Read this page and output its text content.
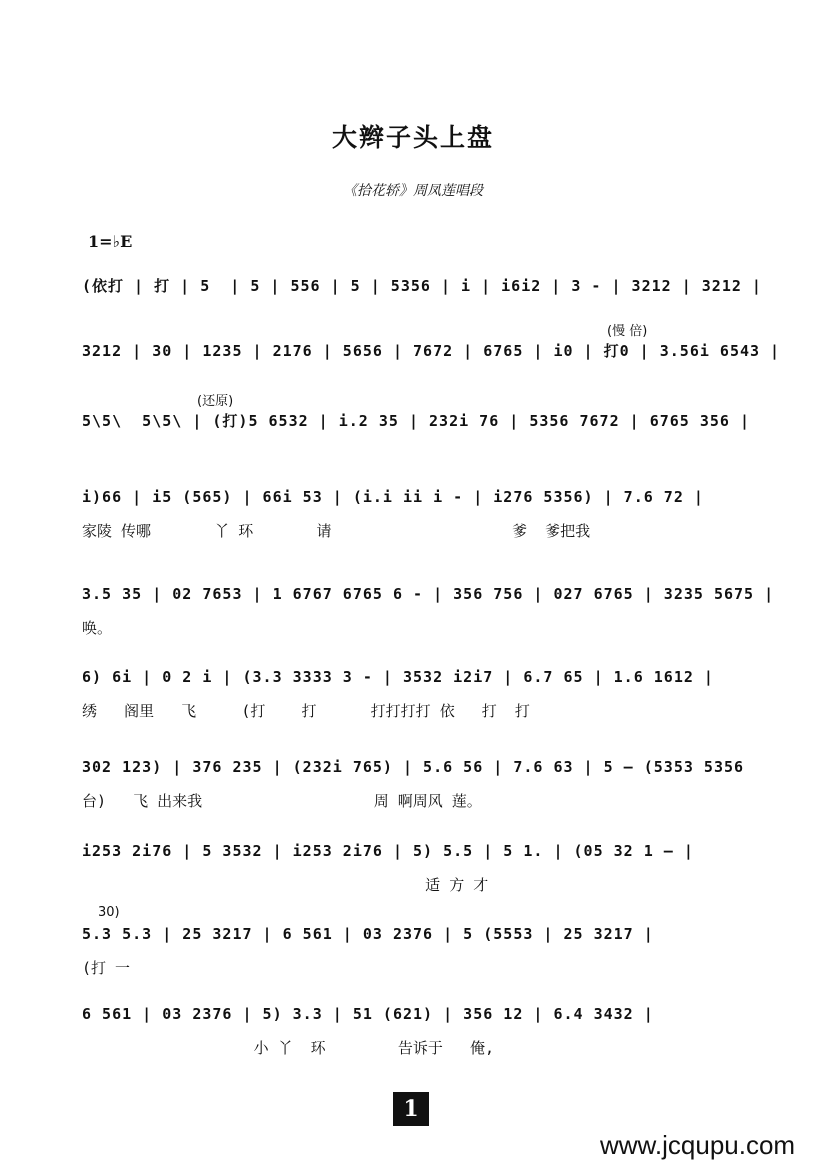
大辫子头上盘
《拾花轿》周凤莲唱段
1=♭E
(依打 | 打 | 5  | 5 | 556 | 5 | 5356 | i | i6i2 | 3 - | 3212 | 3212 |
(慢 倍)
3212 | 30 | 1235 | 2176 | 5656 | 7672 | 6765 | i0 | 打0 | 3.56i 6543 |
(还原)
5\5\  5\5\ | (打)5 6532 | i.2 35 | 232i 76 | 5356 7672 | 6765 356 |
i)66 | i5 (565) | 66i 53 | (i.i ii i - | i276 5356) | 7.6 72 |
家陵 传哪       丫 环       请                    爹  爹把我
3.5 35 | 02 7653 | 1 6767 6765 6 - | 356 756 | 027 6765 | 3235 5675 |
唤。
6) 6i | 0 2 i | (3.3 3333 3 - | 3532 i2i7 | 6.7 65 | 1.6 1612 |
绣   阁里   飞     (打    打      打打打打 依   打  打
302 123) | 376 235 | (232i 765) | 5.6 56 | 7.6 63 | 5 — (5353 5356
台)   飞 出来我                   周 啊周风 莲。
i253 2i76 | 5 3532 | i253 2i76 | 5) 5.5 | 5 1. | (05 32 1 — |
适 方 才
30)
5.3 5.3 | 25 3217 | 6 561 | 03 2376 | 5 (5553 | 25 3217 |
(打 一
6 561 | 03 2376 | 5) 3.3 | 51 (621) | 356 12 | 6.4 3432 |
小 丫  环        告诉于   俺,
1
www.jcqupu.com
